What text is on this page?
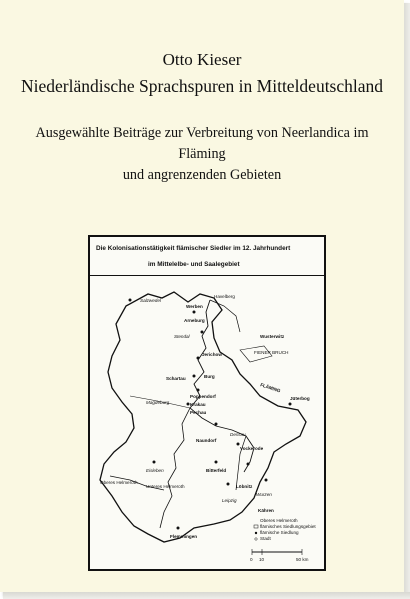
Otto Kieser
Niederländische Sprachspuren in Mitteldeutschland
Ausgewählte Beiträge zur Verbreitung von Neerlandica im Fläming
und angrenzenden Gebieten
Die Kolonisationstätigkeit flämischer Siedler im 12. Jahrhundert
im Mittelelbe- und Saalegebiet
Salzwedel
Havelberg
Werben
Arneburg
Stendal	Wusterwitz
Jerichow	FIENER BRUCH
Schartau	Burg
Magdeburg
Poppendorf
Krakau
Pechau
FLÄMING
Jüterbog
Dessau
Naundorf
Vockerode
Bitterfeld
Eisleben
Unteres Helmeroth
Oberes Helmeroth
Löbnitz
Wurzen
Leipzig
Kähren
Flemmingen
Oberes Helmeroth
flämisches Siedlungsgebiet
flämische Siedlung
Stadt
0 10	50 km
